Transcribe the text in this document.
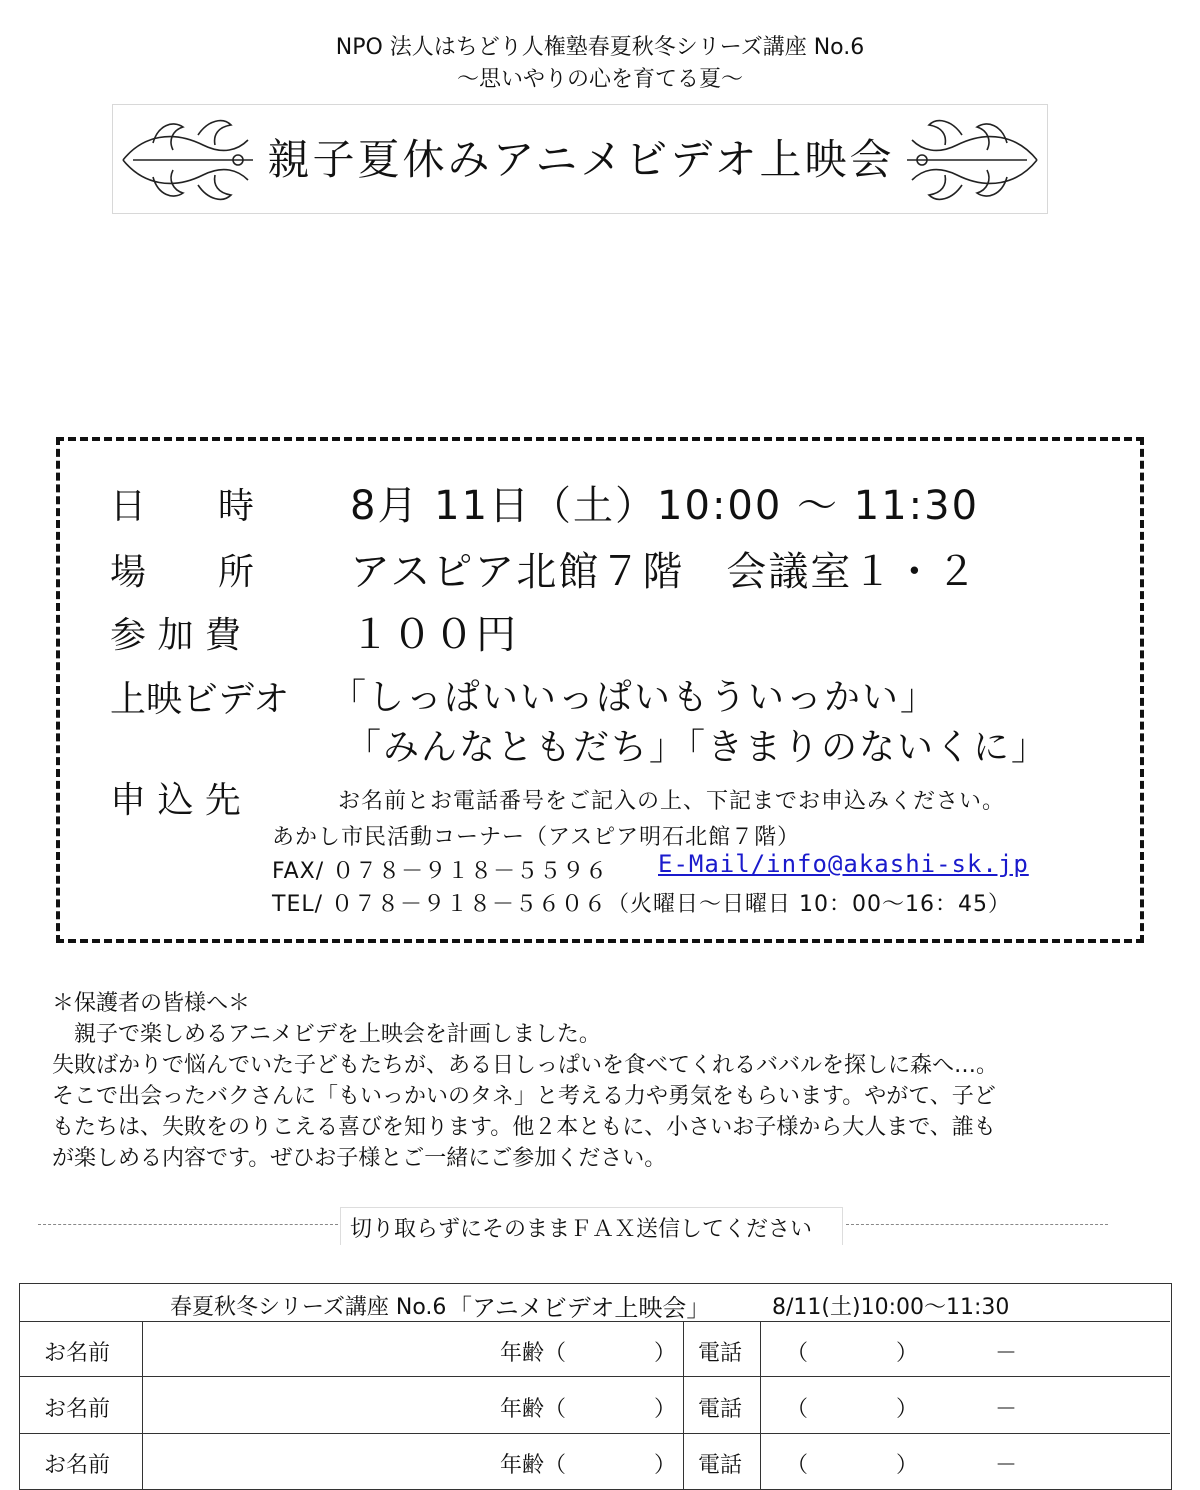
NPO 法人はちどり人権塾春夏秋冬シリーズ講座 No.6
～思いやりの心を育てる夏～
親子夏休みアニメビデオ上映会
日　　時 8月 11日（土）10:00 ～ 11:30
場　　所 アスピア北館７階　会議室１・２
参 加 費	１００円
上映ビデオ 「しっぱいいっぱいもういっかい」
「みんなともだち」「きまりのないくに」
申 込 先	お名前とお電話番号をご記入の上、下記までお申込みください。
あかし市民活動コーナー（アスピア明石北館７階）
FAX/ ０７８－９１８－５５９６ E-Mail/info@akashi-sk.jp
TEL/ ０７８－９１８－５６０６（火曜日～日曜日 10：00～16：45）
＊保護者の皆様へ＊
　親子で楽しめるアニメビデを上映会を計画しました。
失敗ばかりで悩んでいた子どもたちが、ある日しっぱいを食べてくれるババルを探しに森へ…。
そこで出会ったバクさんに「もいっかいのタネ」と考える力や勇気をもらいます。やがて、子ど
もたちは、失敗をのりこえる喜びを知ります。他２本ともに、小さいお子様から大人まで、誰も
が楽しめる内容です。ぜひお子様とご一緒にご参加ください。
切り取らずにそのままＦＡＸ送信してください
春夏秋冬シリーズ講座 No.6 「アニメビデオ上映会」	8/11(土)10:00～11:30
お名前	年齢（　　　　） 電話 （　　　　）　　　　－
お名前	年齢（　　　　） 電話 （　　　　）　　　　－
お名前	年齢（　　　　） 電話 （　　　　）　　　　－
